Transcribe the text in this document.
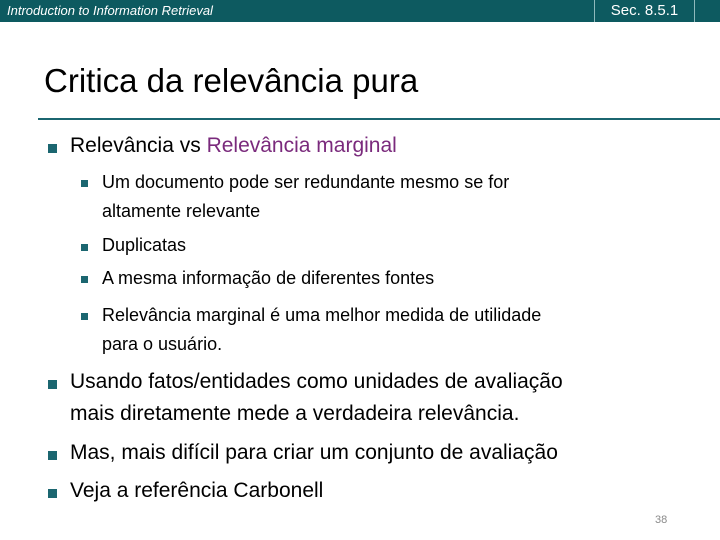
Introduction to Information Retrieval	Sec. 8.5.1
Critica da relevância pura
Relevância vs Relevância marginal
Um documento pode ser redundante mesmo se for
altamente relevante
Duplicatas
A mesma informação de diferentes fontes
Relevância marginal é uma melhor medida de utilidade
para o usuário.
Usando fatos/entidades como unidades de avaliação
mais diretamente mede a verdadeira relevância.
Mas, mais difícil para criar um conjunto de avaliação
Veja a referência Carbonell
38
